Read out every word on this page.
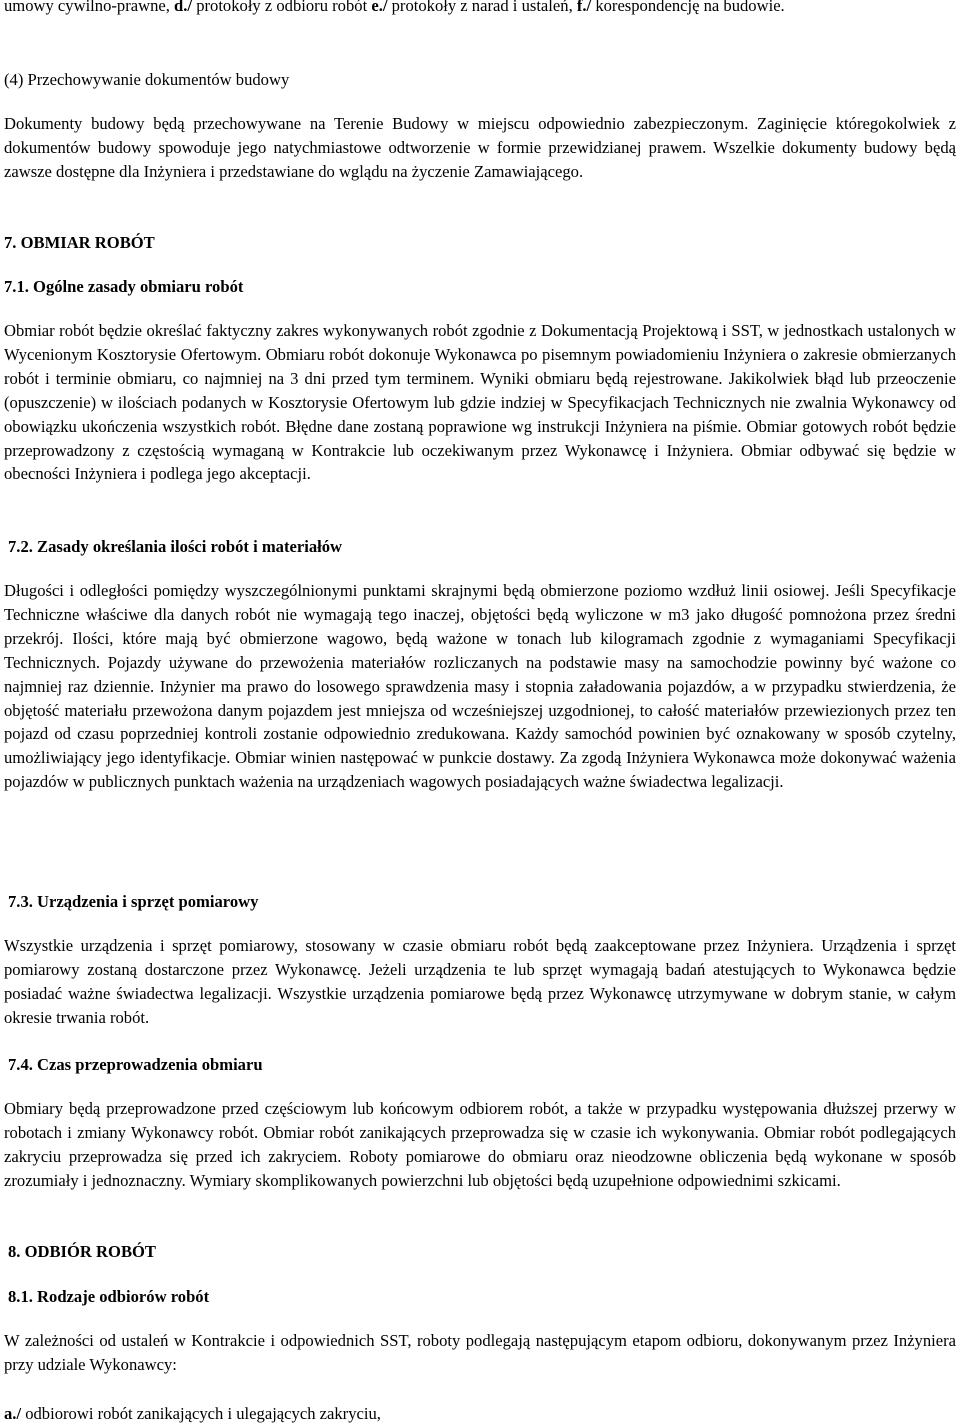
umowy cywilno-prawne, d./ protokoły z odbioru robót e./ protokoły z narad i ustaleń, f./ korespondencję na budowie.

(4) Przechowywanie dokumentów budowy

Dokumenty budowy będą przechowywane na Terenie Budowy w miejscu odpowiednio zabezpieczonym. Zaginięcie któregokolwiek z dokumentów budowy spowoduje jego natychmiastowe odtworzenie w formie przewidzianej prawem. Wszelkie dokumenty budowy będą zawsze dostępne dla Inżyniera i przedstawiane do wglądu na życzenie Zamawiającego.

7. OBMIAR ROBÓT
7.1. Ogólne zasady obmiaru robót

Obmiar robót będzie określać faktyczny zakres wykonywanych robót zgodnie z Dokumentacją Projektową i SST, w jednostkach ustalonych w Wycenionym Kosztorysie Ofertowym. Obmiaru robót dokonuje Wykonawca po pisemnym powiadomieniu Inżyniera o zakresie obmierzanych robót i terminie obmiaru, co najmniej na 3 dni przed tym terminem. Wyniki obmiaru będą rejestrowane. Jakikolwiek błąd lub przeoczenie (opuszczenie) w ilościach podanych w Kosztorysie Ofertowym lub gdzie indziej w Specyfikacjach Technicznych nie zwalnia Wykonawcy od obowiązku ukończenia wszystkich robót. Błędne dane zostaną poprawione wg instrukcji Inżyniera na piśmie. Obmiar gotowych robót będzie przeprowadzony z częstością wymaganą w Kontrakcie lub oczekiwanym przez Wykonawcę i Inżyniera. Obmiar odbywać się będzie w obecności Inżyniera i podlega jego akceptacji.

7.2. Zasady określania ilości robót i materiałów

Długości i odległości pomiędzy wyszczególnionymi punktami skrajnymi będą obmierzone poziomo wzdłuż linii osiowej. Jeśli Specyfikacje Techniczne właściwe dla danych robót nie wymagają tego inaczej, objętości będą wyliczone w m3 jako długość pomnożona przez średni przekrój. Ilości, które mają być obmierzone wagowo, będą ważone w tonach lub kilogramach zgodnie z wymaganiami Specyfikacji Technicznych. Pojazdy używane do przewożenia materiałów rozliczanych na podstawie masy na samochodzie powinny być ważone co najmniej raz dziennie. Inżynier ma prawo do losowego sprawdzenia masy i stopnia załadowania pojazdów, a w przypadku stwierdzenia, że objętość materiału przewożona danym pojazdem jest mniejsza od wcześniejszej uzgodnionej, to całość materiałów przewiezionych przez ten pojazd od czasu poprzedniej kontroli zostanie odpowiednio zredukowana. Każdy samochód powinien być oznakowany w sposób czytelny, umożliwiający jego identyfikacje. Obmiar winien następować w punkcie dostawy. Za zgodą Inżyniera Wykonawca może dokonywać ważenia pojazdów w publicznych punktach ważenia na urządzeniach wagowych posiadających ważne świadectwa legalizacji.

7.3. Urządzenia i sprzęt pomiarowy

Wszystkie urządzenia i sprzęt pomiarowy, stosowany w czasie obmiaru robót będą zaakceptowane przez Inżyniera. Urządzenia i sprzęt pomiarowy zostaną dostarczone przez Wykonawcę. Jeżeli urządzenia te lub sprzęt wymagają badań atestujących to Wykonawca będzie posiadać ważne świadectwa legalizacji. Wszystkie urządzenia pomiarowe będą przez Wykonawcę utrzymywane w dobrym stanie, w całym okresie trwania robót.

7.4. Czas przeprowadzenia obmiaru

Obmiary będą przeprowadzone przed częściowym lub końcowym odbiorem robót, a także w przypadku występowania dłuższej przerwy w robotach i zmiany Wykonawcy robót. Obmiar robót zanikających przeprowadza się w czasie ich wykonywania. Obmiar robót podlegających zakryciu przeprowadza się przed ich zakryciem. Roboty pomiarowe do obmiaru oraz nieodzowne obliczenia będą wykonane w sposób zrozumiały i jednoznaczny. Wymiary skomplikowanych powierzchni lub objętości będą uzupełnione odpowiednimi szkicami.

8. ODBIÓR ROBÓT
8.1. Rodzaje odbiorów robót

W zależności od ustaleń w Kontrakcie i odpowiednich SST, roboty podlegają następującym etapom odbioru, dokonywanym przez Inżyniera przy udziale Wykonawcy:

a./ odbiorowi robót zanikających i ulegających zakryciu,
